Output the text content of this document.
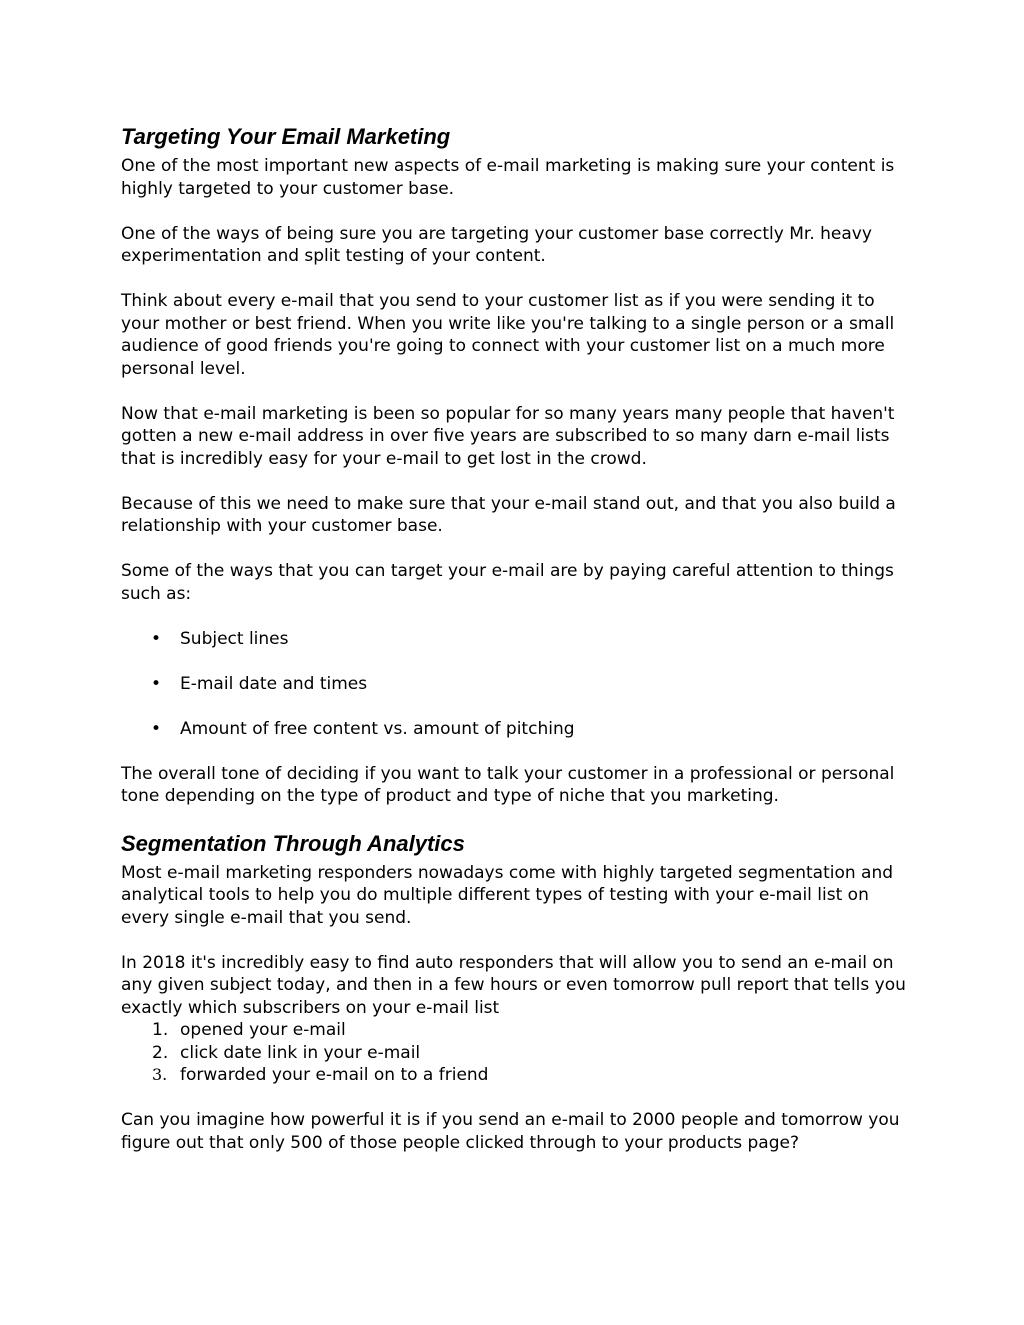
Targeting Your Email Marketing

One of the most important new aspects of e-mail marketing is making sure your content is highly targeted to your customer base.

One of the ways of being sure you are targeting your customer base correctly Mr. heavy experimentation and split testing of your content.

Think about every e-mail that you send to your customer list as if you were sending it to your mother or best friend. When you write like you're talking to a single person or a small audience of good friends you're going to connect with your customer list on a much more personal level.

Now that e-mail marketing is been so popular for so many years many people that haven't gotten a new e-mail address in over five years are subscribed to so many darn e-mail lists that is incredibly easy for your e-mail to get lost in the crowd.

Because of this we need to make sure that your e-mail stand out, and that you also build a relationship with your customer base.

Some of the ways that you can target your e-mail are by paying careful attention to things such as:

• Subject lines
• E-mail date and times
• Amount of free content vs. amount of pitching

The overall tone of deciding if you want to talk your customer in a professional or personal tone depending on the type of product and type of niche that you marketing.

Segmentation Through Analytics

Most e-mail marketing responders nowadays come with highly targeted segmentation and analytical tools to help you do multiple different types of testing with your e-mail list on every single e-mail that you send.

In 2018 it's incredibly easy to find auto responders that will allow you to send an e-mail on any given subject today, and then in a few hours or even tomorrow pull report that tells you exactly which subscribers on your e-mail list

1. opened your e-mail
2. click date link in your e-mail
3. forwarded your e-mail on to a friend

Can you imagine how powerful it is if you send an e-mail to 2000 people and tomorrow you figure out that only 500 of those people clicked through to your products page?
